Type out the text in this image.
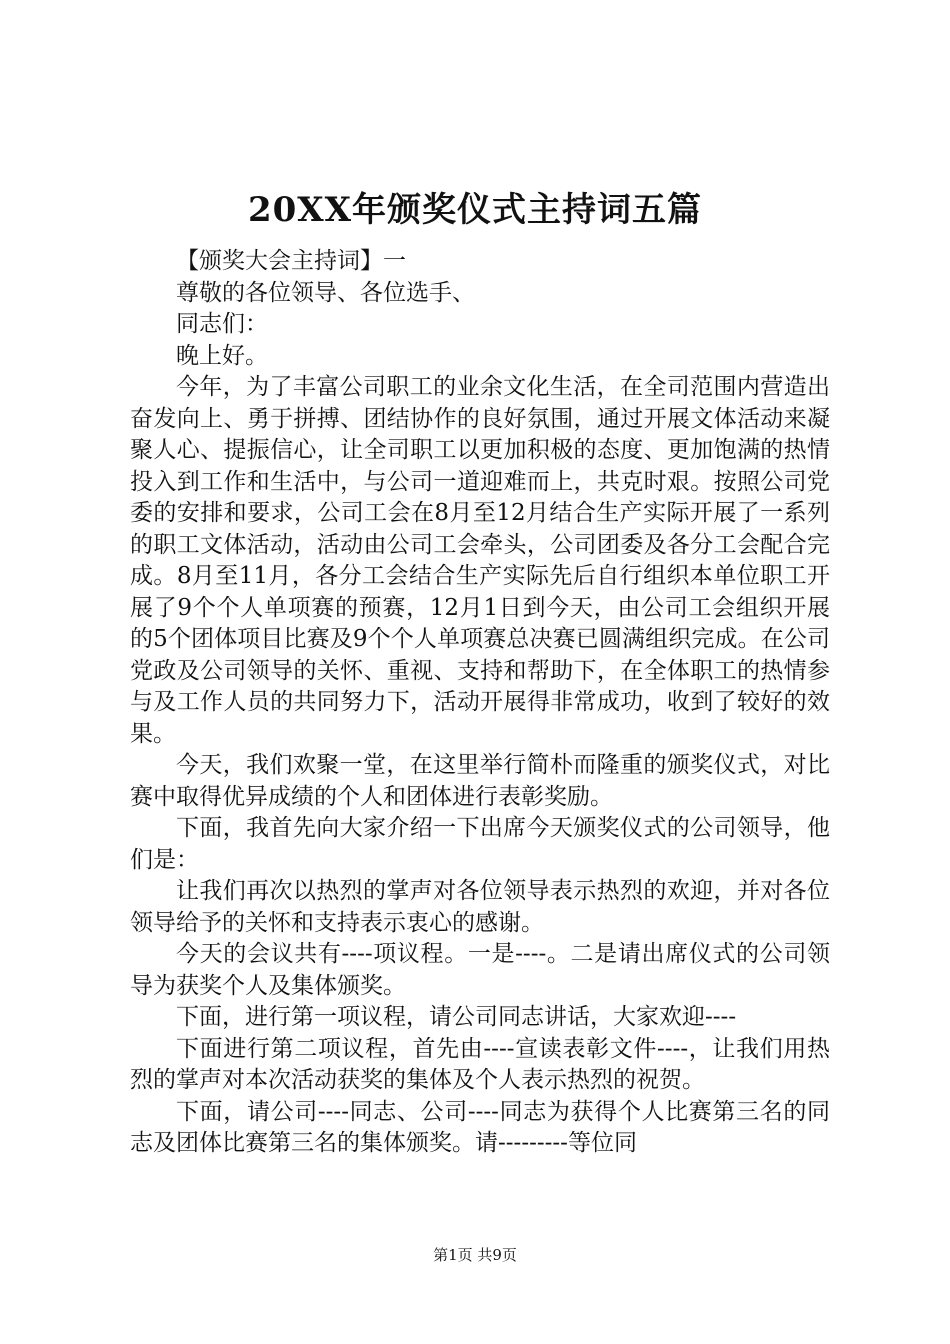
20XX年颁奖仪式主持词五篇

【颁奖大会主持词】一

尊敬的各位领导、各位选手、

同志们：

晚上好。

今年，为了丰富公司职工的业余文化生活，在全司范围内营造出奋发向上、勇于拼搏、团结协作的良好氛围，通过开展文体活动来凝聚人心、提振信心，让全司职工以更加积极的态度、更加饱满的热情投入到工作和生活中，与公司一道迎难而上，共克时艰。按照公司党委的安排和要求，公司工会在8月至12月结合生产实际开展了一系列的职工文体活动，活动由公司工会牵头，公司团委及各分工会配合完成。8月至11月，各分工会结合生产实际先后自行组织本单位职工开展了9个个人单项赛的预赛，12月1日到今天，由公司工会组织开展的5个团体项目比赛及9个个人单项赛总决赛已圆满组织完成。在公司党政及公司领导的关怀、重视、支持和帮助下，在全体职工的热情参与及工作人员的共同努力下，活动开展得非常成功，收到了较好的效果。

今天，我们欢聚一堂，在这里举行简朴而隆重的颁奖仪式，对比赛中取得优异成绩的个人和团体进行表彰奖励。

下面，我首先向大家介绍一下出席今天颁奖仪式的公司领导，他们是：

让我们再次以热烈的掌声对各位领导表示热烈的欢迎，并对各位领导给予的关怀和支持表示衷心的感谢。

今天的会议共有----项议程。一是----。二是请出席仪式的公司领导为获奖个人及集体颁奖。

下面，进行第一项议程，请公司同志讲话，大家欢迎----

下面进行第二项议程，首先由----宣读表彰文件----，让我们用热烈的掌声对本次活动获奖的集体及个人表示热烈的祝贺。

下面，请公司----同志、公司----同志为获得个人比赛第三名的同志及团体比赛第三名的集体颁奖。请---------等位同

第1页 共9页
